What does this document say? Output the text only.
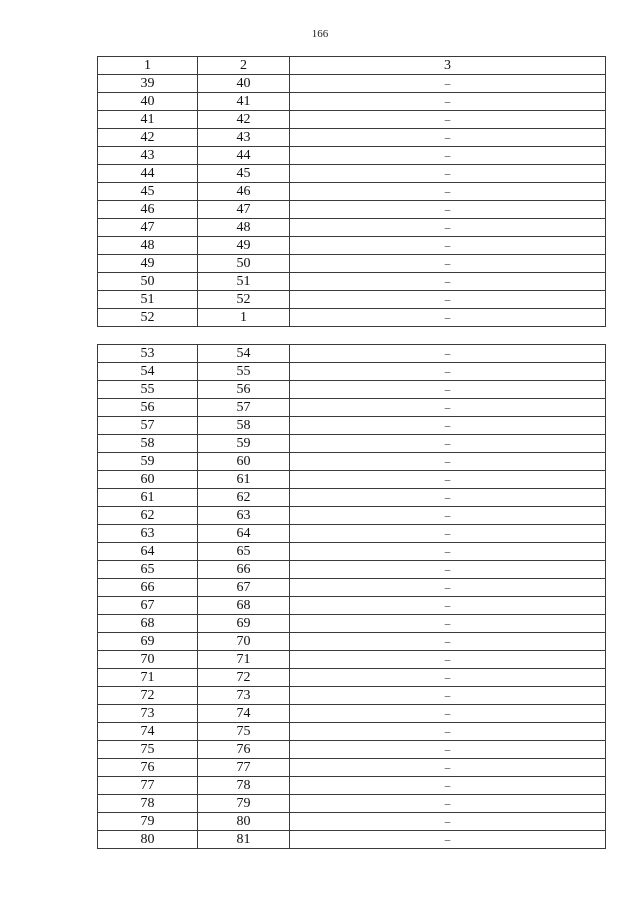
166
1	2	3
39	40	–
40	41	–
41	42	–
42	43	–
43	44	–
44	45	–
45	46	–
46	47	–
47	48	–
48	49	–
49	50	–
50	51	–
51	52	–
52	1	–

53	54	–
54	55	–
55	56	–
56	57	–
57	58	–
58	59	–
59	60	–
60	61	–
61	62	–
62	63	–
63	64	–
64	65	–
65	66	–
66	67	–
67	68	–
68	69	–
69	70	–
70	71	–
71	72	–
72	73	–
73	74	–
74	75	–
75	76	–
76	77	–
77	78	–
78	79	–
79	80	–
80	81	–
